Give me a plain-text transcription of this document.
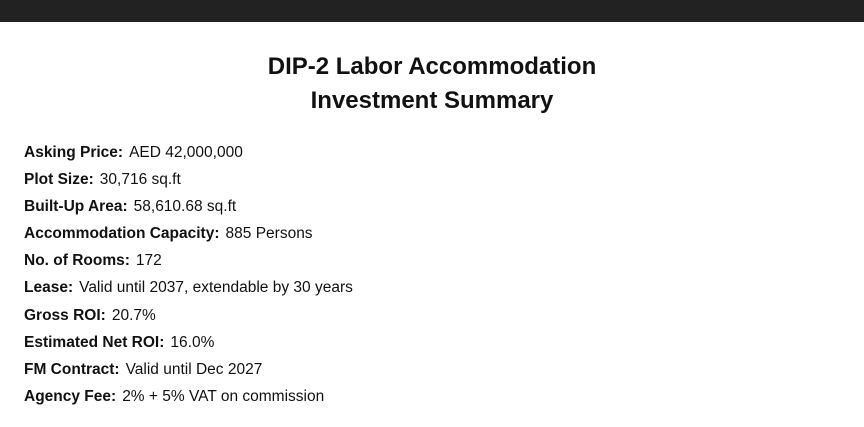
DIP-2 Labor Accommodation
Investment Summary
Asking Price : AED 42,000,000
Plot Size : 30,716 sq.ft
Built-Up Area : 58,610.68 sq.ft
Accommodation Capacity : 885 Persons
No. of Rooms : 172
Lease : Valid until 2037, extendable by 30 years
Gross ROI : 20.7%
Estimated Net ROI : 16.0%
FM Contract : Valid until Dec 2027
Agency Fee : 2% + 5% VAT on commission
